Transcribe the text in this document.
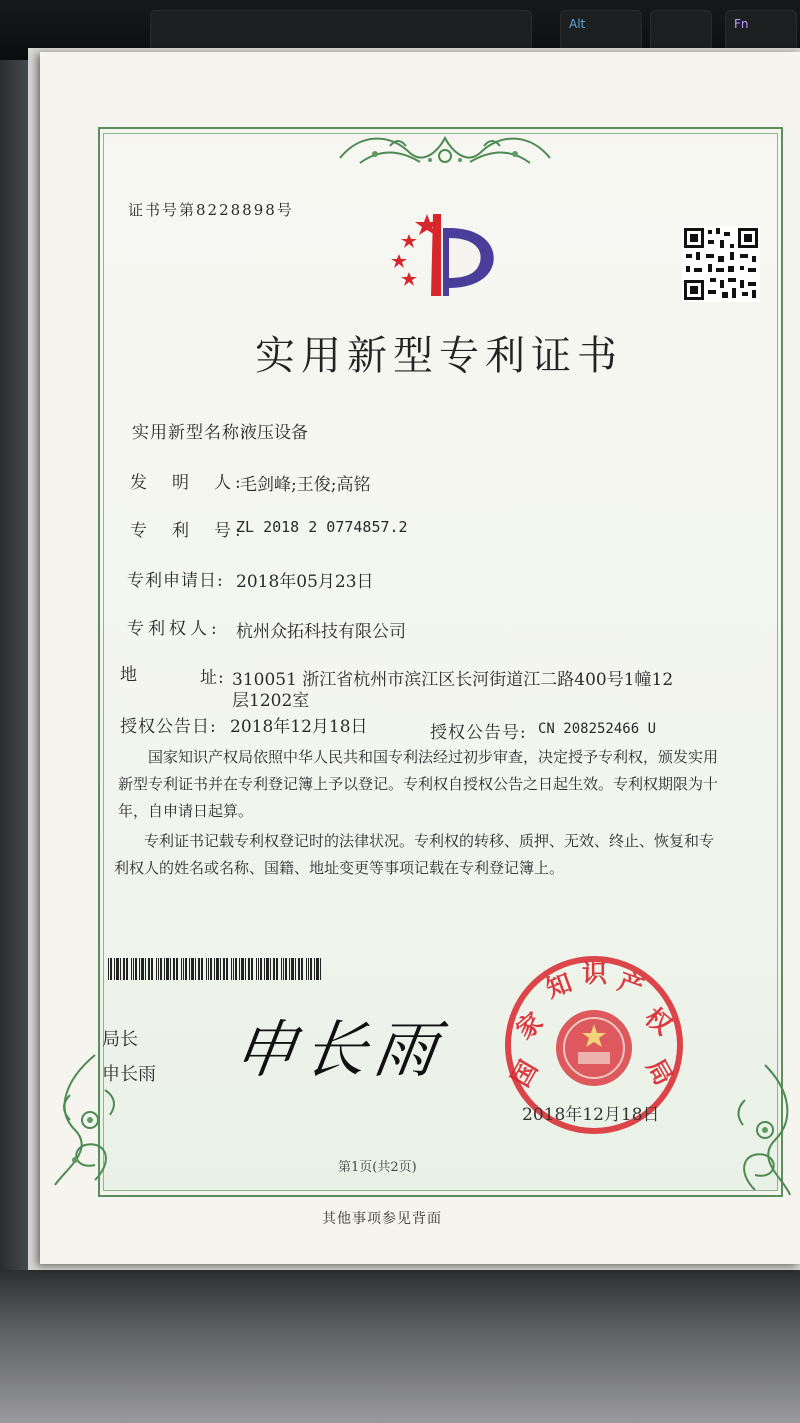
Alt	Fn
证书号第8228898号
实用新型专利证书
实用新型名称:
液压设备
发　明　人:
毛剑峰;王俊;高铭
专　利　号:
ZL 2018 2 0774857.2
专利申请日: 2018年05月23日
专利权人: 杭州众拓科技有限公司
地	址: 310051 浙江省杭州市滨江区长河街道江二路400号1幢12
层1202室
授权公告日: 2018年12月18日	授权公告号: CN 208252466 U
　　国家知识产权局依照中华人民共和国专利法经过初步审查，决定授予专利权，颁发实用
新型专利证书并在专利登记簿上予以登记。专利权自授权公告之日起生效。专利权期限为十
年，自申请日起算。
　　专利证书记载专利权登记时的法律状况。专利权的转移、质押、无效、终止、恢复和专
利权人的姓名或名称、国籍、地址变更等事项记载在专利登记簿上。
局长
申长雨 申长雨 国
家
知 识 产
权
局
2018年12月18日
第1页(共2页)
其他事项参见背面
